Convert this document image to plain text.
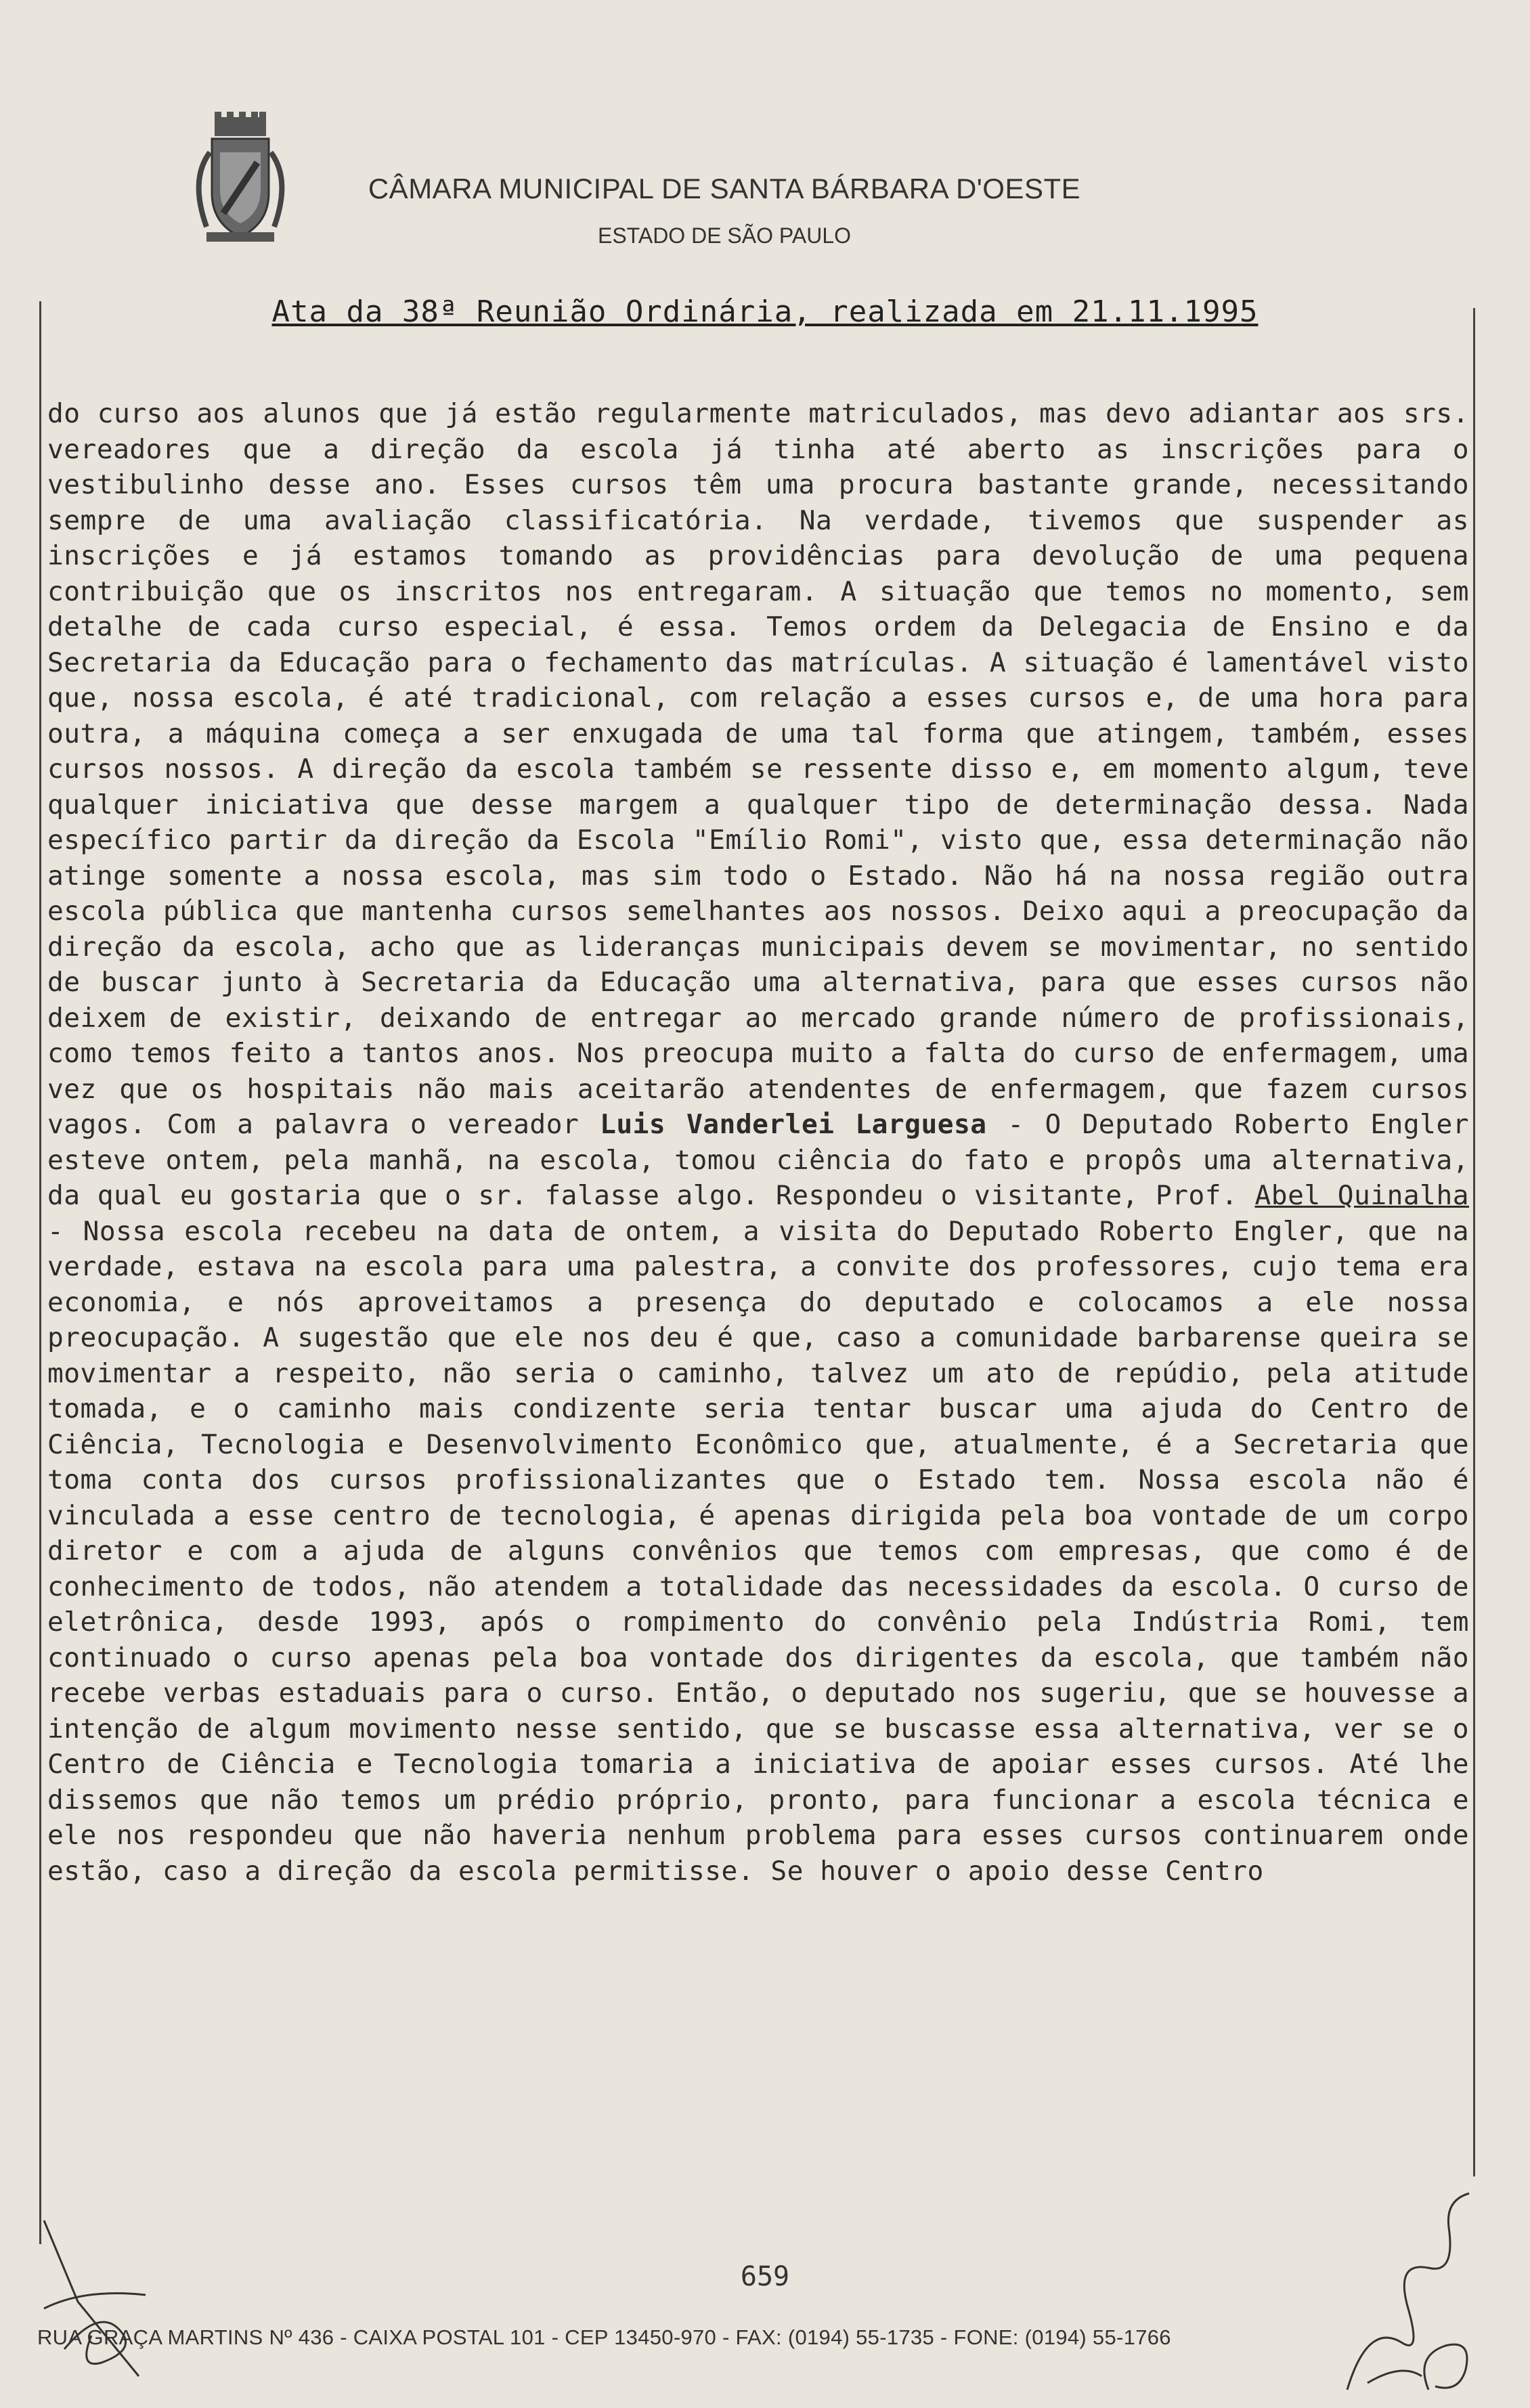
CÂMARA MUNICIPAL DE SANTA BÁRBARA D'OESTE
ESTADO DE SÃO PAULO
Ata da 38ª Reunião Ordinária, realizada em 21.11.1995

do curso aos alunos que já estão regularmente matriculados, mas devo adiantar aos srs. vereadores que a direção da escola já tinha até aberto as inscrições para o vestibulinho desse ano. Esses cursos têm uma procura bastante grande, necessitando sempre de uma avaliação classificatória. Na verdade, tivemos que suspender as inscrições e já estamos tomando as providências para devolução de uma pequena contribuição que os inscritos nos entregaram. A situação que temos no momento, sem detalhe de cada curso especial, é essa. Temos ordem da Delegacia de Ensino e da Secretaria da Educação para o fechamento das matrículas. A situação é lamentável visto que, nossa escola, é até tradicional, com relação a esses cursos e, de uma hora para outra, a máquina começa a ser enxugada de uma tal forma que atingem, também, esses cursos nossos. A direção da escola também se ressente disso e, em momento algum, teve qualquer iniciativa que desse margem a qualquer tipo de determinação dessa. Nada específico partir da direção da Escola "Emílio Romi", visto que, essa determinação não atinge somente a nossa escola, mas sim todo o Estado. Não há na nossa região outra escola pública que mantenha cursos semelhantes aos nossos. Deixo aqui a preocupação da direção da escola, acho que as lideranças municipais devem se movimentar, no sentido de buscar junto à Secretaria da Educação uma alternativa, para que esses cursos não deixem de existir, deixando de entregar ao mercado grande número de profissionais, como temos feito a tantos anos. Nos preocupa muito a falta do curso de enfermagem, uma vez que os hospitais não mais aceitarão atendentes de enfermagem, que fazem cursos vagos. Com a palavra o vereador Luis Vanderlei Larguesa - O Deputado Roberto Engler esteve ontem, pela manhã, na escola, tomou ciência do fato e propôs uma alternativa, da qual eu gostaria que o sr. falasse algo. Respondeu o visitante, Prof. Abel Quinalha - Nossa escola recebeu na data de ontem, a visita do Deputado Roberto Engler, que na verdade, estava na escola para uma palestra, a convite dos professores, cujo tema era economia, e nós aproveitamos a presença do deputado e colocamos a ele nossa preocupação. A sugestão que ele nos deu é que, caso a comunidade barbarense queira se movimentar a respeito, não seria o caminho, talvez um ato de repúdio, pela atitude tomada, e o caminho mais condizente seria tentar buscar uma ajuda do Centro de Ciência, Tecnologia e Desenvolvimento Econômico que, atualmente, é a Secretaria que toma conta dos cursos profissionalizantes que o Estado tem. Nossa escola não é vinculada a esse centro de tecnologia, é apenas dirigida pela boa vontade de um corpo diretor e com a ajuda de alguns convênios que temos com empresas, que como é de conhecimento de todos, não atendem a totalidade das necessidades da escola. O curso de eletrônica, desde 1993, após o rompimento do convênio pela Indústria Romi, tem continuado o curso apenas pela boa vontade dos dirigentes da escola, que também não recebe verbas estaduais para o curso. Então, o deputado nos sugeriu, que se houvesse a intenção de algum movimento nesse sentido, que se buscasse essa alternativa, ver se o Centro de Ciência e Tecnologia tomaria a iniciativa de apoiar esses cursos. Até lhe dissemos que não temos um prédio próprio, pronto, para funcionar a escola técnica e ele nos respondeu que não haveria nenhum problema para esses cursos continuarem onde estão, caso a direção da escola permitisse. Se houver o apoio desse Centro

659
RUA GRAÇA MARTINS Nº 436 - CAIXA POSTAL 101 - CEP 13450-970 - FAX: (0194) 55-1735 - FONE: (0194) 55-1766
